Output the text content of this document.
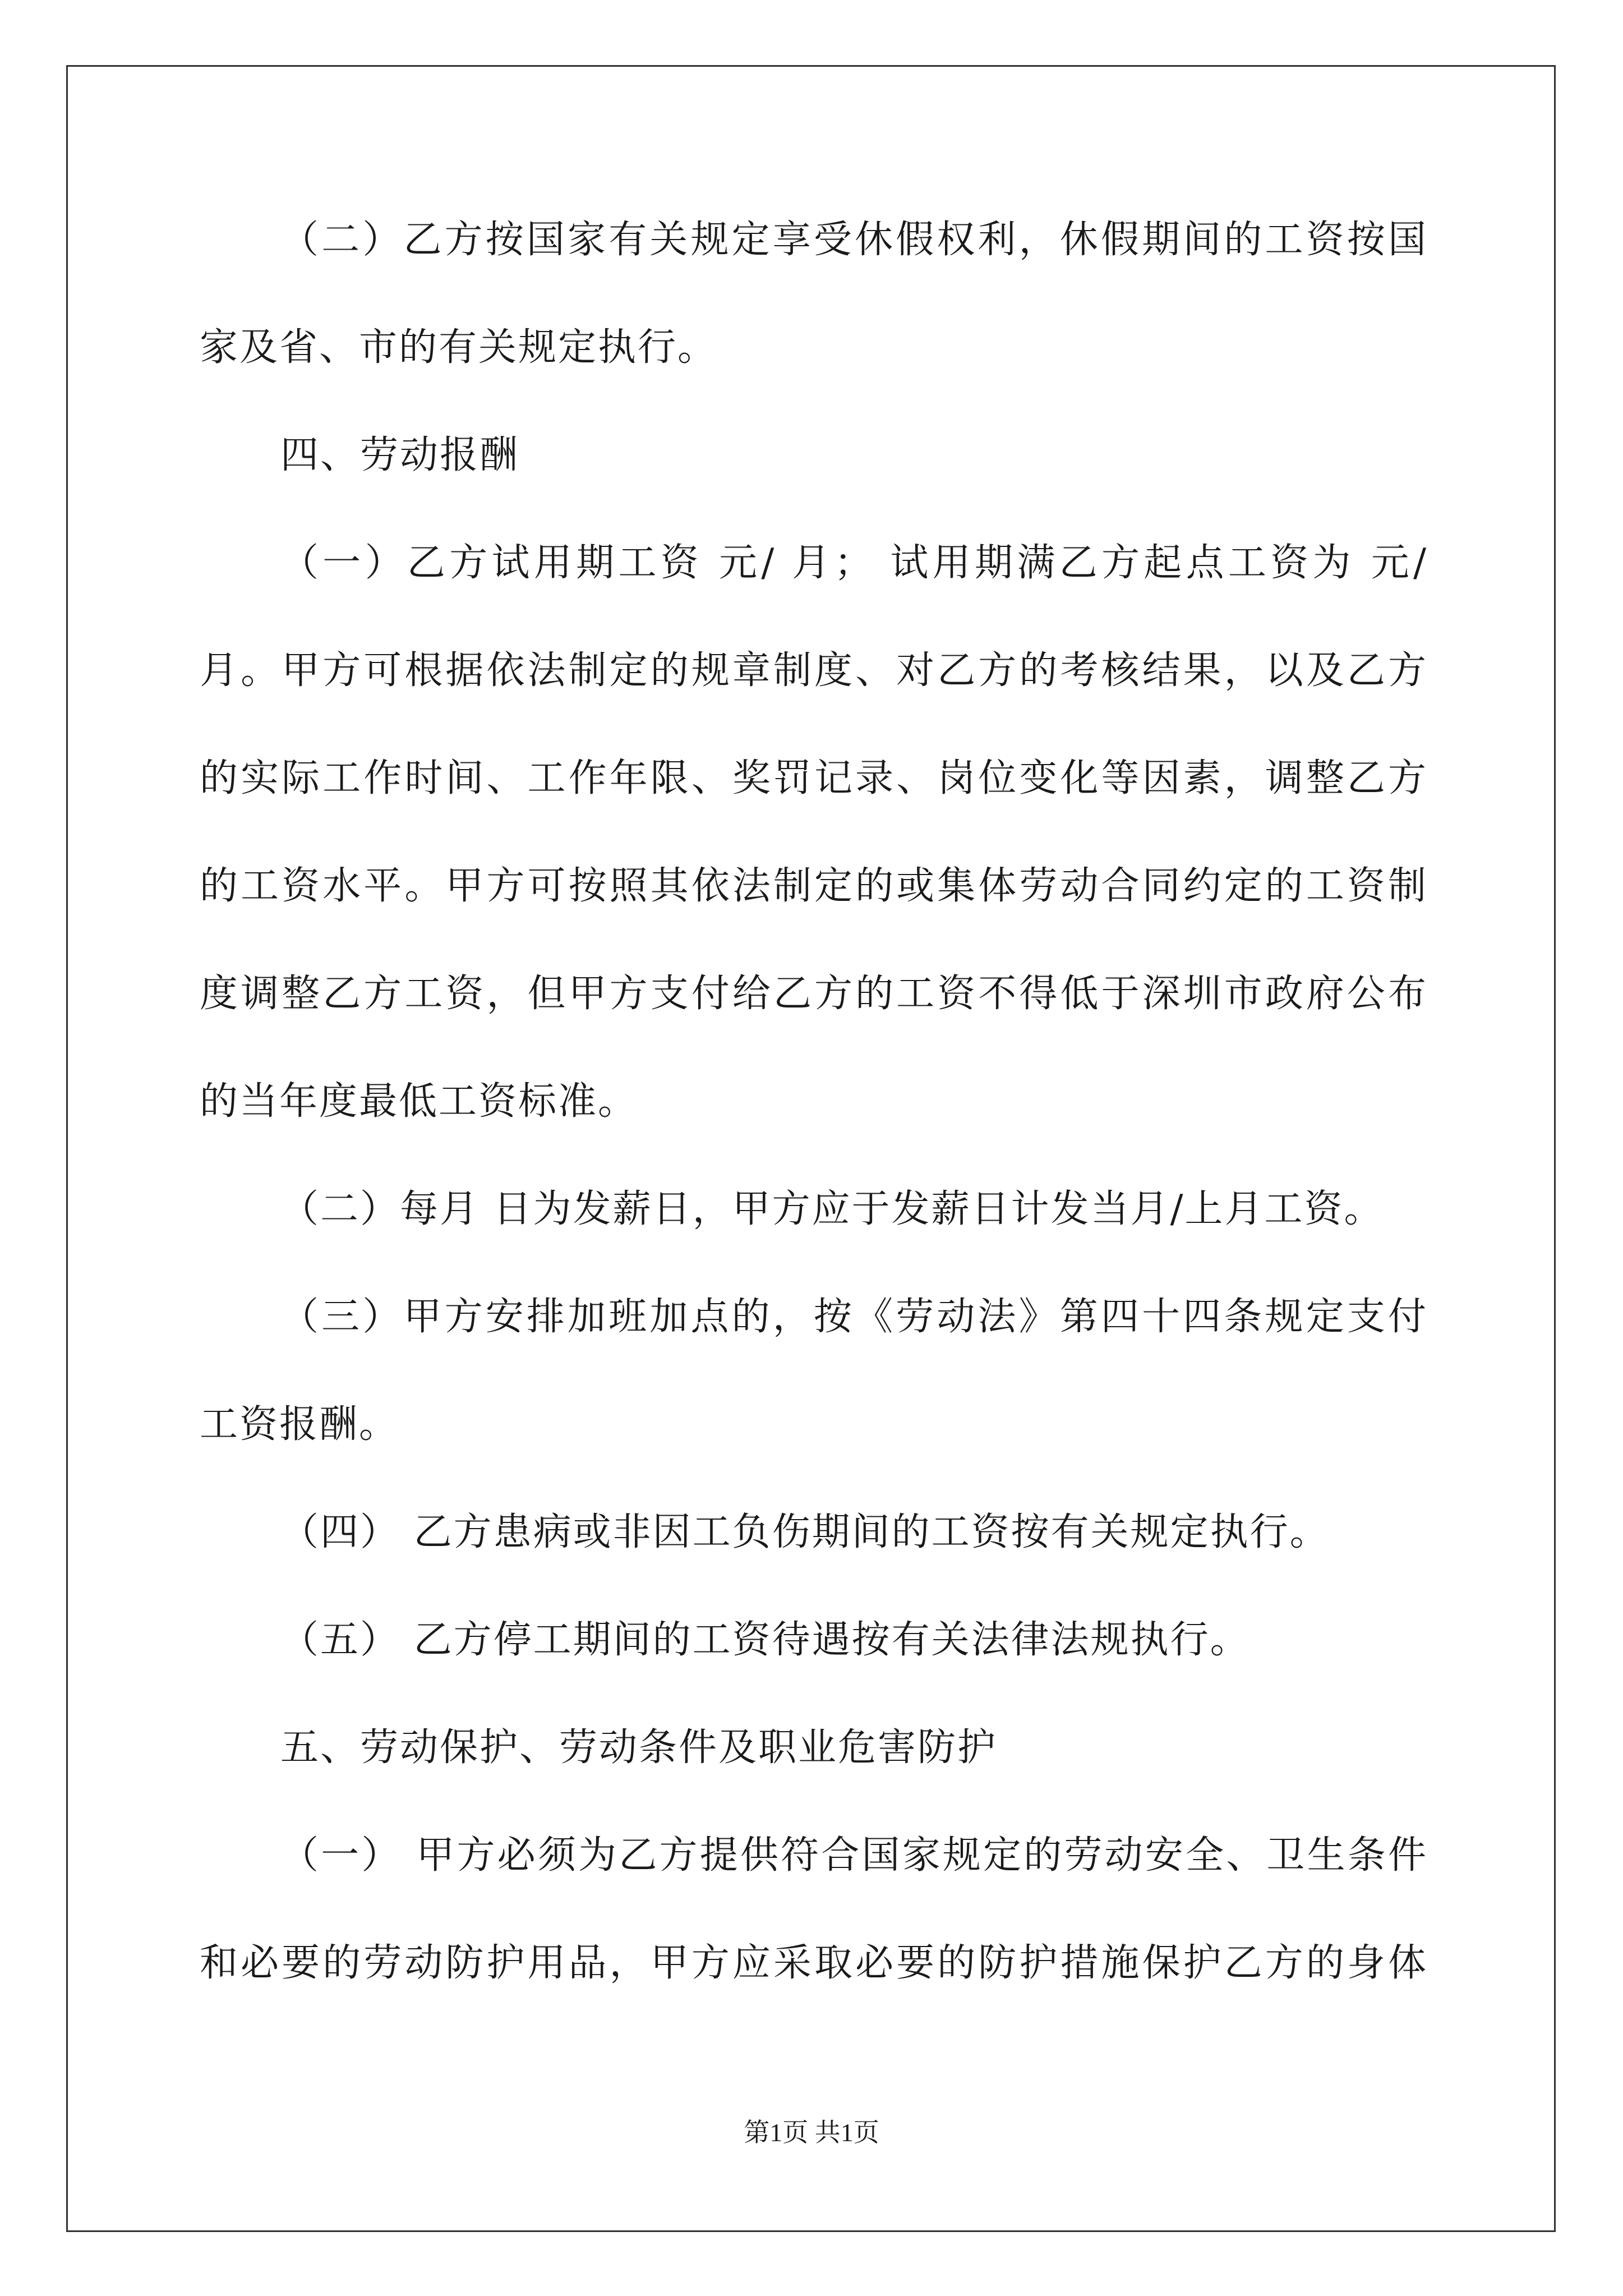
（二）乙方按国家有关规定享受休假权利，休假期间的工资按国
家及省、市的有关规定执行。
四、劳动报酬
（一）乙方试用期工资 元/ 月； 试用期满乙方起点工资为 元/
月。甲方可根据依法制定的规章制度、对乙方的考核结果，以及乙方
的实际工作时间、工作年限、奖罚记录、岗位变化等因素，调整乙方
的工资水平。甲方可按照其依法制定的或集体劳动合同约定的工资制
度调整乙方工资，但甲方支付给乙方的工资不得低于深圳市政府公布
的当年度最低工资标准。
（二）每月 日为发薪日，甲方应于发薪日计发当月/上月工资。
（三）甲方安排加班加点的，按《劳动法》第四十四条规定支付
工资报酬。
（四） 乙方患病或非因工负伤期间的工资按有关规定执行。
（五） 乙方停工期间的工资待遇按有关法律法规执行。
五、劳动保护、劳动条件及职业危害防护
（一） 甲方必须为乙方提供符合国家规定的劳动安全、卫生条件
和必要的劳动防护用品，甲方应采取必要的防护措施保护乙方的身体
第1页 共1页
